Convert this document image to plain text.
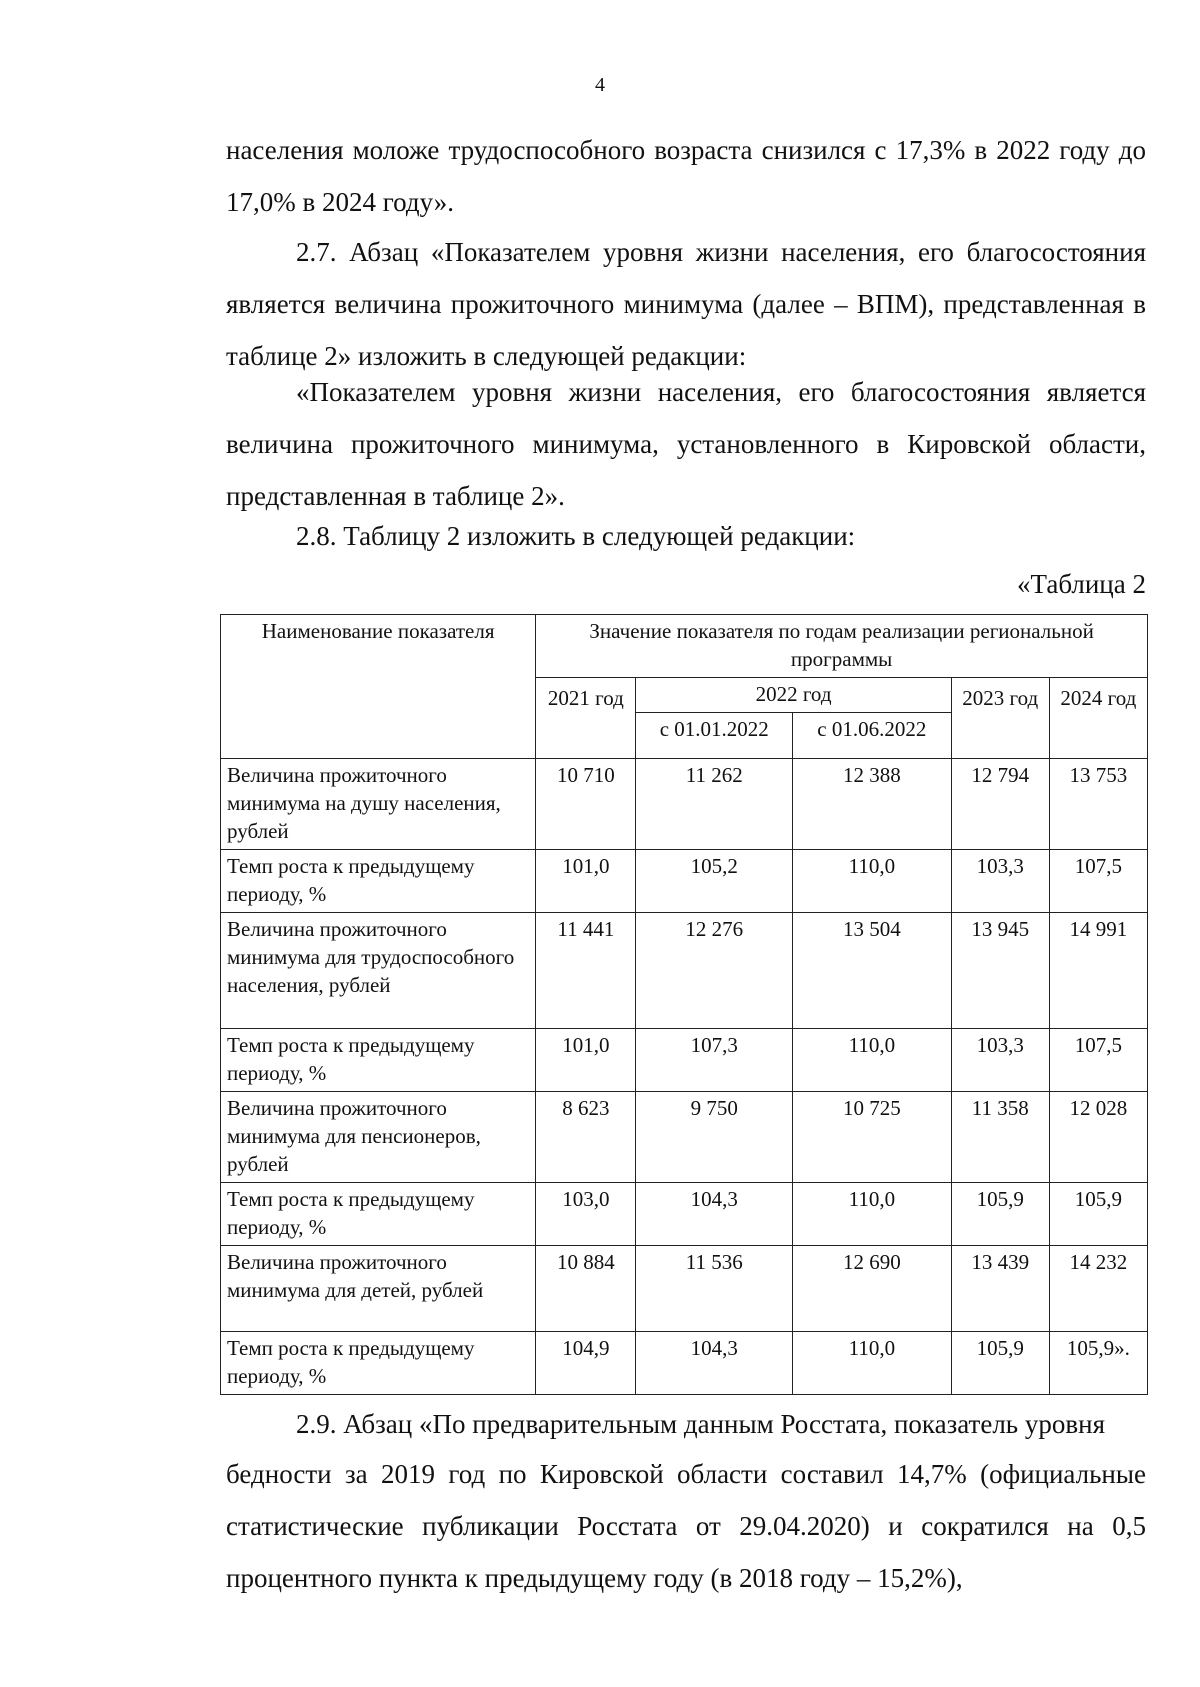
4

населения моложе трудоспособного возраста снизился с 17,3% в 2022 году до 17,0% в 2024 году».

2.7. Абзац «Показателем уровня жизни населения, его благосостояния является величина прожиточного минимума (далее – ВПМ), представленная в таблице 2» изложить в следующей редакции:

«Показателем уровня жизни населения, его благосостояния является величина прожиточного минимума, установленного в Кировской области, представленная в таблице 2».

2.8. Таблицу 2 изложить в следующей редакции:

«Таблица 2
Наименование показателя	Значение показателя по годам реализации региональной программы				
	2021 год	2022 год		2023 год	2024 год
		с 01.01.2022	с 01.06.2022		
Величина прожиточного минимума на душу населения, рублей	10 710	11 262	12 388	12 794	13 753
Темп роста к предыдущему периоду, %	101,0	105,2	110,0	103,3	107,5
Величина прожиточного минимума для трудоспособного населения, рублей	11 441	12 276	13 504	13 945	14 991
Темп роста к предыдущему периоду, %	101,0	107,3	110,0	103,3	107,5
Величина прожиточного минимума для пенсионеров, рублей	8 623	9 750	10 725	11 358	12 028
Темп роста к предыдущему периоду, %	103,0	104,3	110,0	105,9	105,9
Величина прожиточного минимума для детей, рублей	10 884	11 536	12 690	13 439	14 232
Темп роста к предыдущему периоду, %	104,9	104,3	110,0	105,9	105,9».

2.9. Абзац «По предварительным данным Росстата, показатель уровня

бедности за 2019 год по Кировской области составил 14,7% (официальные статистические публикации Росстата от 29.04.2020) и сократился на 0,5 процентного пункта к предыдущему году (в 2018 году – 15,2%),
